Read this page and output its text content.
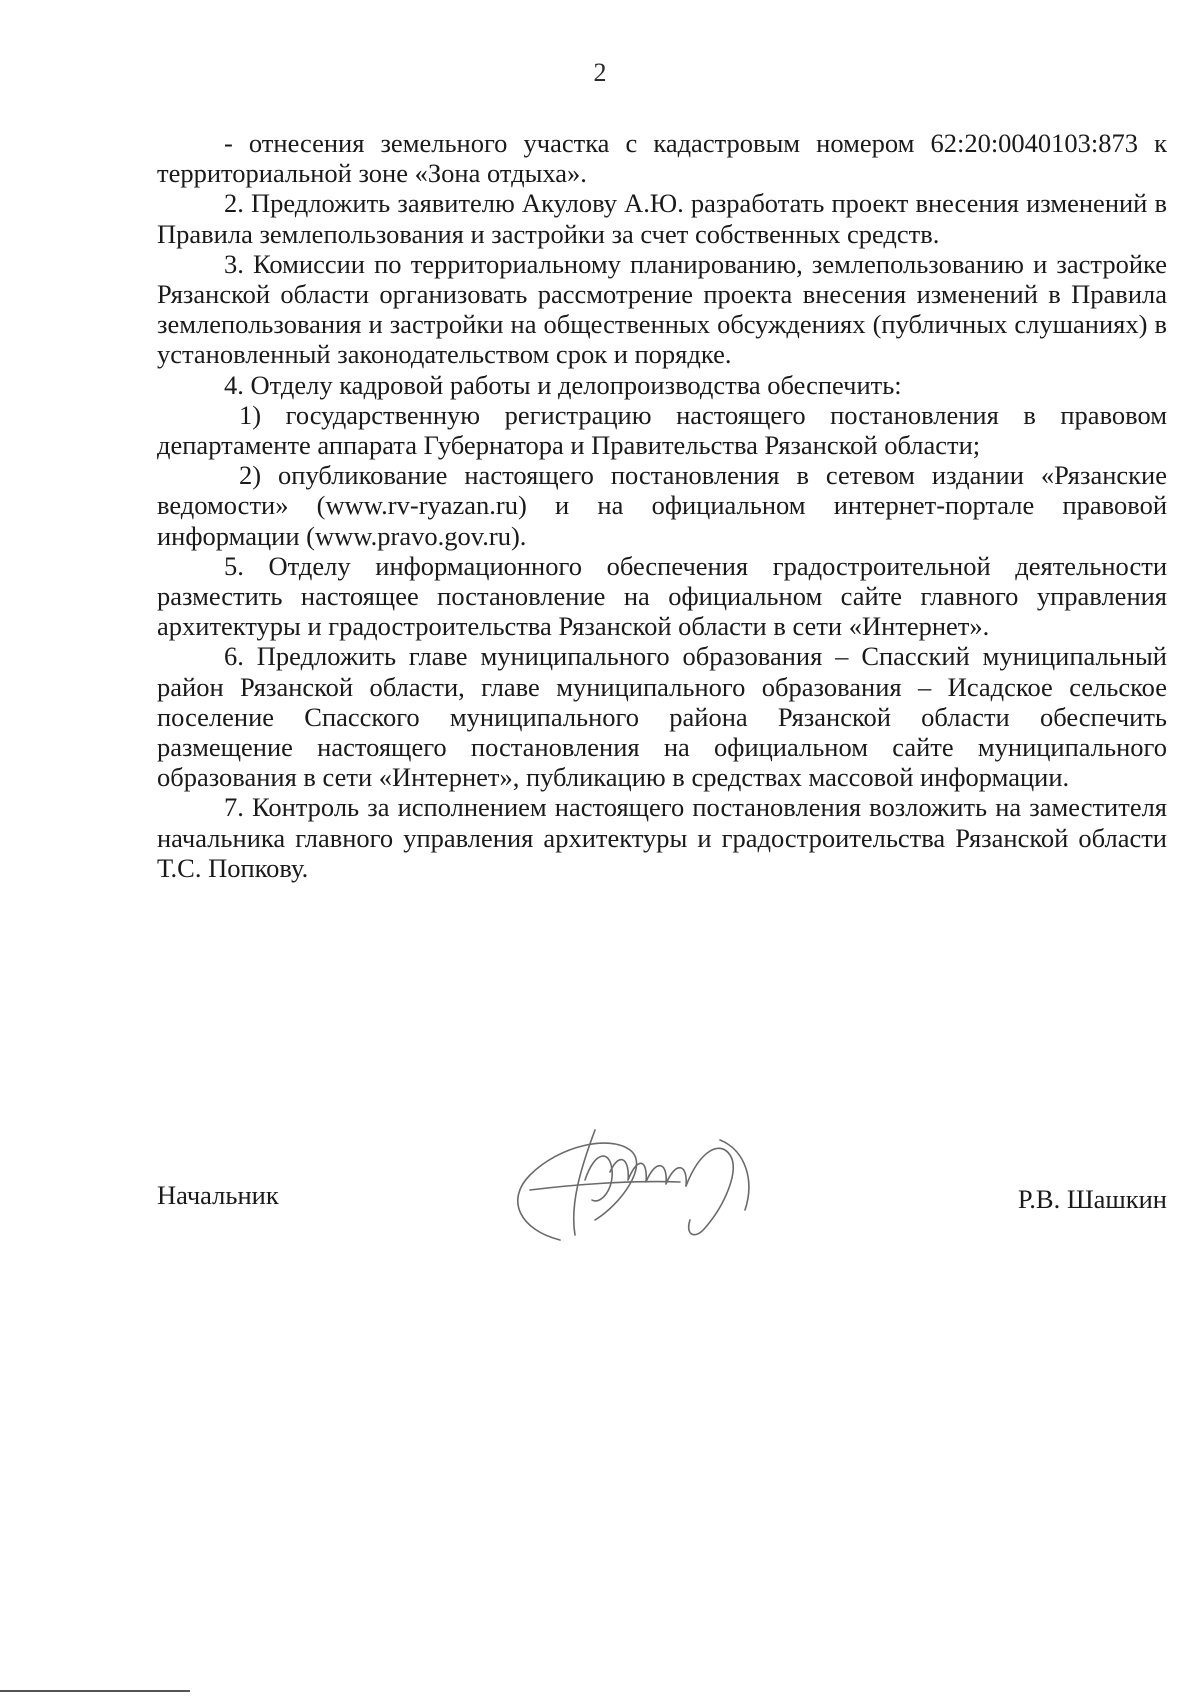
2

- отнесения земельного участка с кадастровым номером 62:20:0040103:873 к территориальной зоне «Зона отдыха».

2. Предложить заявителю Акулову А.Ю. разработать проект внесения изменений в Правила землепользования и застройки за счет собственных средств.

3. Комиссии по территориальному планированию, землепользованию и застройке Рязанской области организовать рассмотрение проекта внесения изменений в Правила землепользования и застройки на общественных обсуждениях (публичных слушаниях) в установленный законодательством срок и порядке.

4. Отделу кадровой работы и делопроизводства обеспечить:

1) государственную регистрацию настоящего постановления в правовом департаменте аппарата Губернатора и Правительства Рязанской области;

2) опубликование настоящего постановления в сетевом издании «Рязанские ведомости» (www.rv-ryazan.ru) и на официальном интернет-портале правовой информации (www.pravo.gov.ru).

5. Отделу информационного обеспечения градостроительной деятельности разместить настоящее постановление на официальном сайте главного управления архитектуры и градостроительства Рязанской области в сети «Интернет».

6. Предложить главе муниципального образования – Спасский муниципальный район Рязанской области, главе муниципального образования – Исадское сельское поселение Спасского муниципального района Рязанской области обеспечить размещение настоящего постановления на официальном сайте муниципального образования в сети «Интернет», публикацию в средствах массовой информации.

7. Контроль за исполнением настоящего постановления возложить на заместителя начальника главного управления архитектуры и градостроительства Рязанской области Т.С. Попкову.

Начальник	Р.В. Шашкин
